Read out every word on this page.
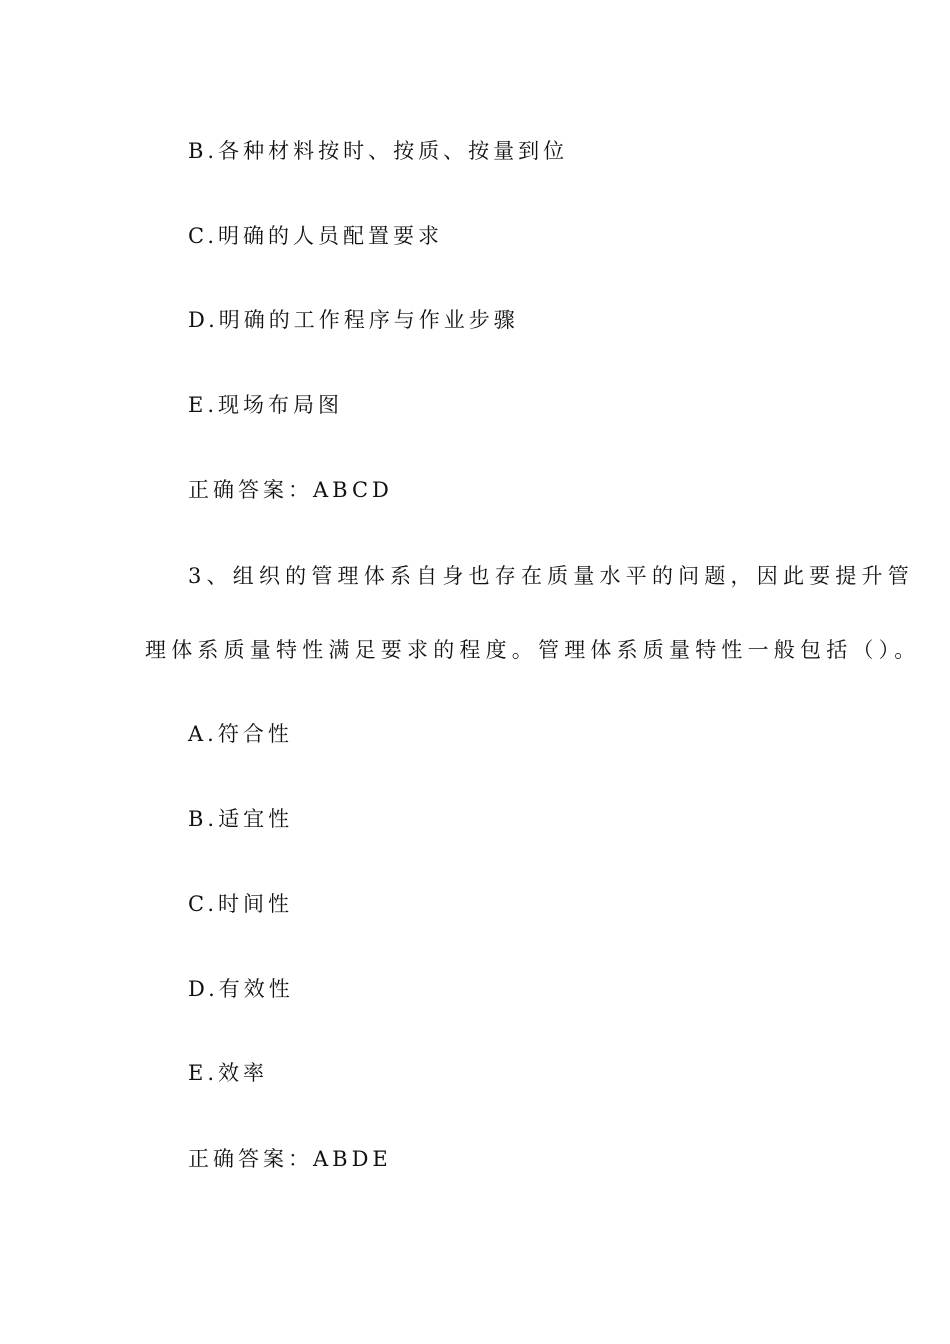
B.各种材料按时、按质、按量到位
C.明确的人员配置要求
D.明确的工作程序与作业步骤
E.现场布局图
正确答案：ABCD
3、组织的管理体系自身也存在质量水平的问题，因此要提升管
理体系质量特性满足要求的程度。管理体系质量特性一般包括（）。
A.符合性
B.适宜性
C.时间性
D.有效性
E.效率
正确答案：ABDE
